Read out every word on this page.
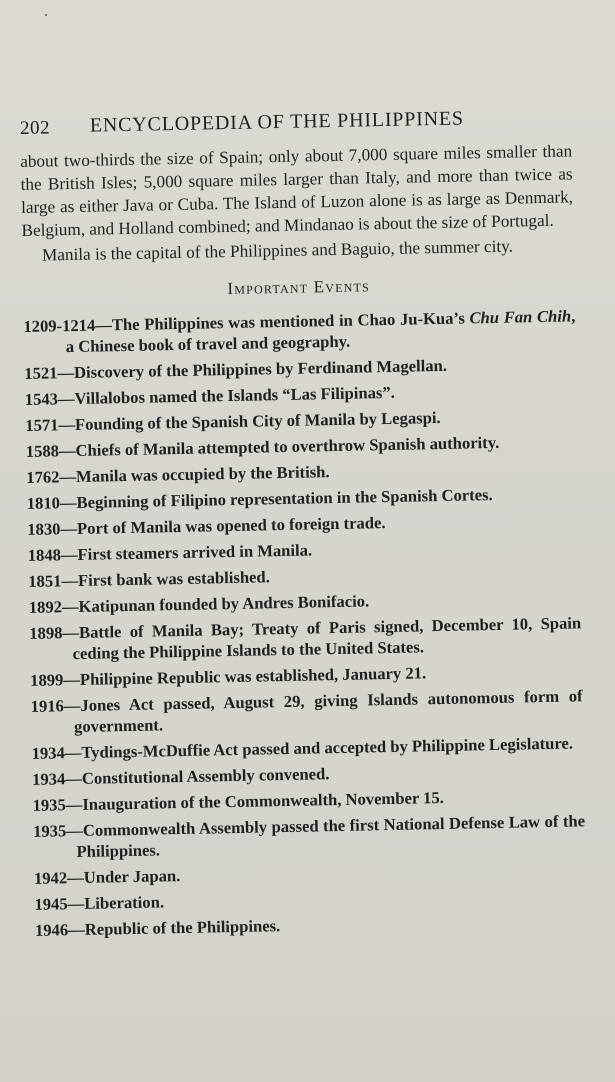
202 ENCYCLOPEDIA OF THE PHILIPPINES

about two-thirds the size of Spain; only about 7,000 square miles smaller than the British Isles; 5,000 square miles larger than Italy, and more than twice as large as either Java or Cuba. The Island of Luzon alone is as large as Denmark, Belgium, and Holland combined; and Mindanao is about the size of Portugal.

Manila is the capital of the Philippines and Baguio, the summer city.

Important Events
1209-1214—The Philippines was mentioned in Chao Ju-Kua’s Chu Fan Chih, a Chinese book of travel and geography.
1521—Discovery of the Philippines by Ferdinand Magellan.
1543—Villalobos named the Islands “Las Filipinas”.
1571—Founding of the Spanish City of Manila by Legaspi.
1588—Chiefs of Manila attempted to overthrow Spanish authority.
1762—Manila was occupied by the British.
1810—Beginning of Filipino representation in the Spanish Cortes.
1830—Port of Manila was opened to foreign trade.
1848—First steamers arrived in Manila.
1851—First bank was established.
1892—Katipunan founded by Andres Bonifacio.
1898—Battle of Manila Bay; Treaty of Paris signed, December 10, Spain ceding the Philippine Islands to the United States.
1899—Philippine Republic was established, January 21.
1916—Jones Act passed, August 29, giving Islands autonomous form of government.
1934—Tydings-McDuffie Act passed and accepted by Philippine Legislature.
1934—Constitutional Assembly convened.
1935—Inauguration of the Commonwealth, November 15.
1935—Commonwealth Assembly passed the first National Defense Law of the Philippines.
1942—Under Japan.
1945—Liberation.
1946—Republic of the Philippines.
